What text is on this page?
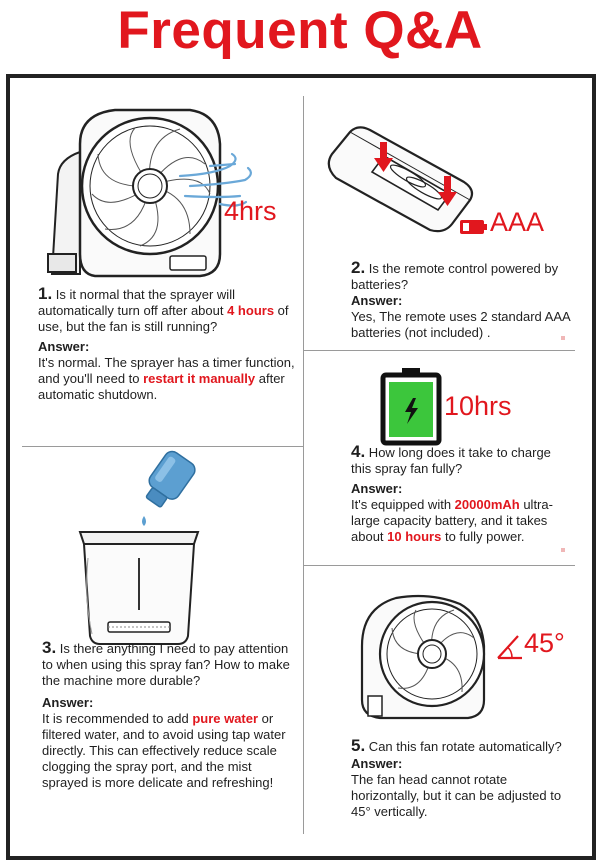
Frequent Q&A
4hrs

1. Is it normal that the sprayer will automatically turn off after about 4 hours of use, but the fan is still running?

Answer:

It's normal. The sprayer has a timer function, and you'll need to restart it manually after automatic shutdown.

AAA

2. Is the remote control powered by batteries?

Answer:

Yes, The remote uses 2 standard AAA batteries (not included) .

10hrs

4. How long does it take to charge this spray fan fully?

Answer:

It's equipped with 20000mAh ultra-large capacity battery, and it takes about 10 hours to fully power.

3. Is there anything I need to pay attention to when using this spray fan? How to make the machine more durable?

Answer:

It is recommended to add pure water or filtered water, and to avoid using tap water directly. This can effectively reduce scale clogging the spray port, and the mist sprayed is more delicate and refreshing!

45°

5. Can this fan rotate automatically?

Answer:

The fan head cannot rotate horizontally, but it can be adjusted to 45° vertically.
